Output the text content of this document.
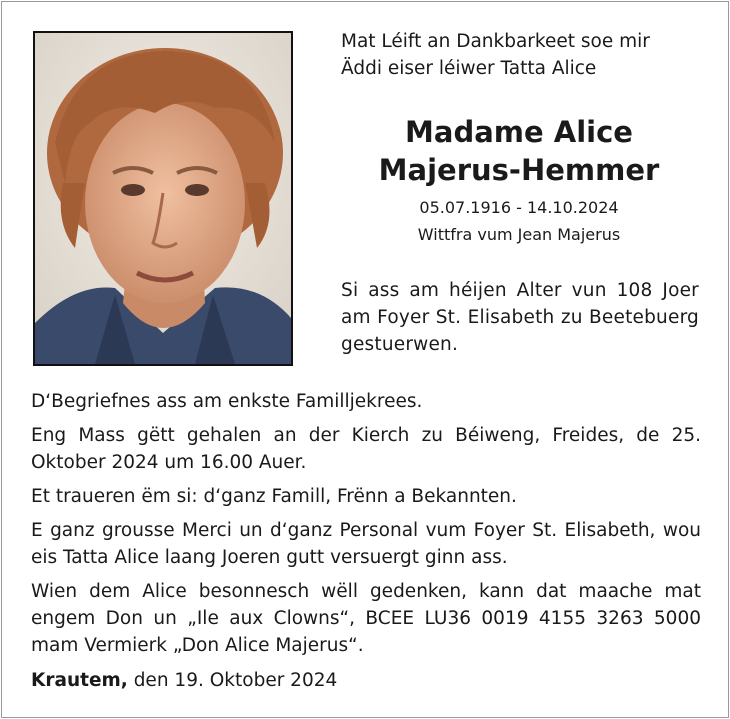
Mat Léift an Dankbarkeet soe mir
Äddi eiser léiwer Tatta Alice
Madame Alice
Majerus-Hemmer
05.07.1916 - 14.10.2024
Wittfra vum Jean Majerus
Si ass am héijen Alter vun 108 Joer am Foyer St. Elisabeth zu Beetebuerg gestuerwen.

D‘Begriefnes ass am enkste Familljekrees.

Eng Mass gëtt gehalen an der Kierch zu Béiweng, Freides, de 25. Oktober 2024 um 16.00 Auer.

Et traueren ëm si: d‘ganz Famill, Frënn a Bekannten.

E ganz grousse Merci un d‘ganz Personal vum Foyer St. Elisabeth, wou eis Tatta Alice laang Joeren gutt versuergt ginn ass.

Wien dem Alice besonnesch wëll gedenken, kann dat maache mat engem Don un „Ile aux Clowns“, BCEE LU36 0019 4155 3263 5000 mam Vermierk „Don Alice Majerus“.

Krautem, den 19. Oktober 2024
